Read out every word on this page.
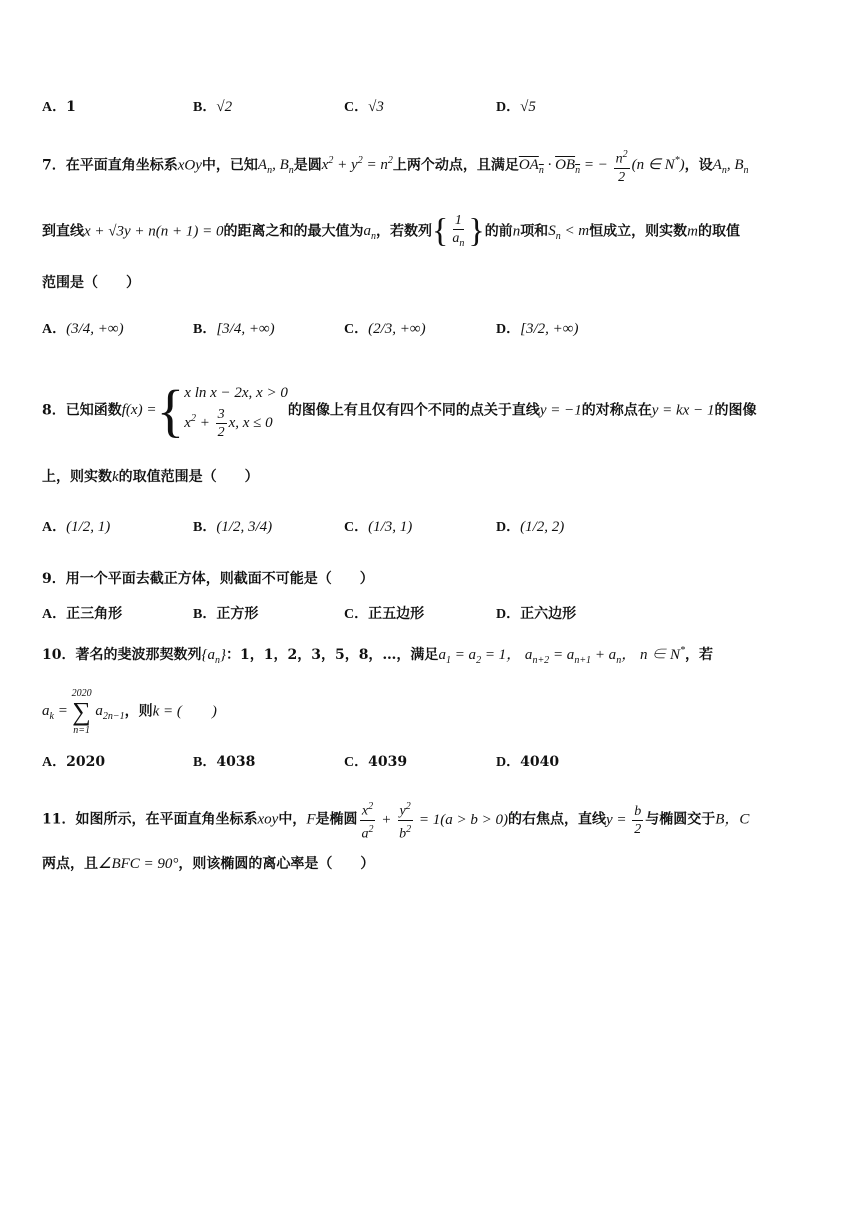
A．1	B．√2	C．√3	D．√5
7．在平面直角坐标系xOy中，已知$A_n$, $B_n$是圆$x^2 + y^2 = n^2$上两个动点，且满足$OA_n \cdot OB_n$ = − $\frac{n^2}{2} (n$ ∈ N*)，设$A_n$, $B_n$
到直线x + √3y + n(n + 1) = 0的距离之和的最大值为$a_n$，若数列{ $\frac{1}{a_n}$ }的前n项和$S_n < m$恒成立，则实数m的取值
范围是（　　）
A．(3/4, +∞)	B．[3/4, +∞)	C．(2/3, +∞)	D．[3/2, +∞)
8．已知函数f(x) = { x ln x − 2x, x > 0
$x^2 + \frac{3}{2} x$, x ≤ 0
的图像上有且仅有四个不同的点关于直线y = −1的对称点在y = kx − 1的图像
上，则实数k的取值范围是（　　）
A．(1/2, 1)	B．(1/2, 3/4)	C．(1/3, 1)	D．(1/2, 2)
9．用一个平面去截正方体，则截面不可能是（　　）
A．正三角形	B．正方形	C．正五边形	D．正六边形
10．著名的斐波那契数列$\{a_n\}$：1，1，2，3，5，8，…，满足$a_1 = a_2 = 1$， $a_{n+2} = a_{n+1} + a_n$， n ∈ N*，若
$a_k$ =
2020
∑
n=1
$a_{2n-1}$，则k = (　　)
A．2020	B．4038	C．4039	D．4040
11．如图所示，在平面直角坐标系xoy中，F是椭圆 $\frac{x^2}{a^2} + \frac{y^2}{b^2} = 1(a > b > 0)$的右焦点，直线$y = \frac{b}{2}$ 与椭圆交于B，C
两点，且∠BFC = 90°，则该椭圆的离心率是（　　）
